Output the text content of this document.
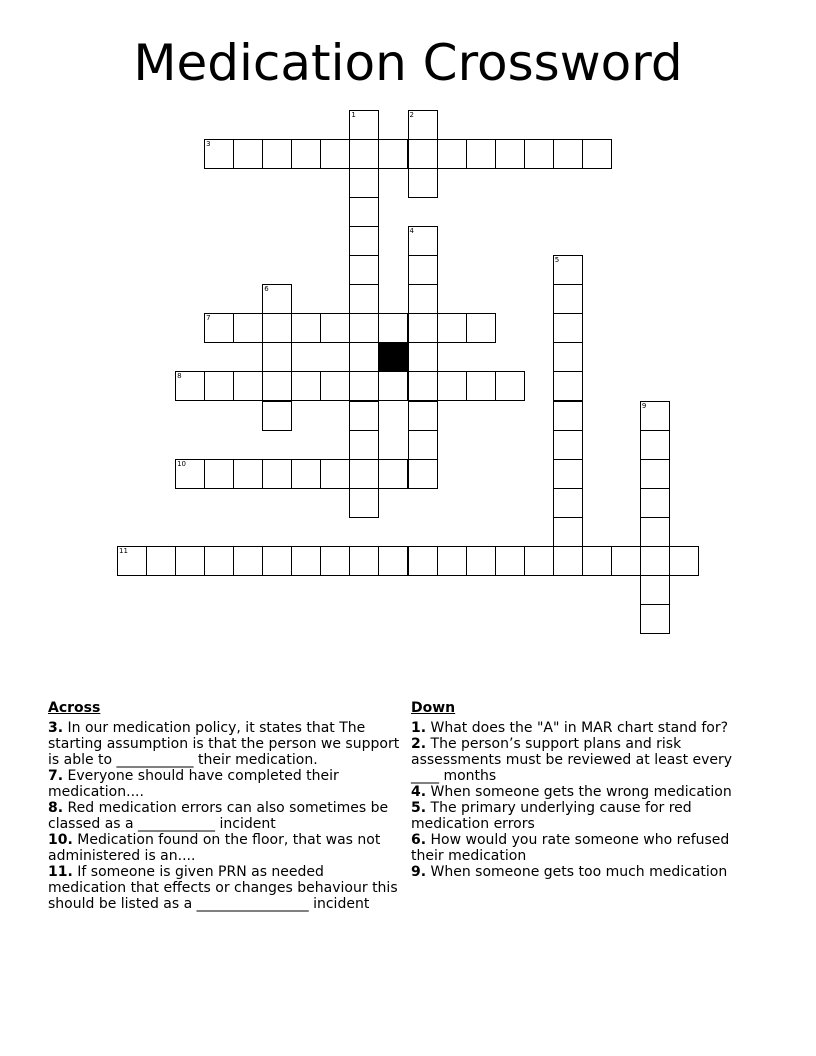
Medication Crossword
1	2
3
4
5
6
7
8
9
10
11
Across

3. In our medication policy, it states that The starting assumption is that the person we support is able to ___________ their medication.

7. Everyone should have completed their medication....

8. Red medication errors can also sometimes be classed as a ___________ incident

10. Medication found on the floor, that was not administered is an....

11. If someone is given PRN as needed medication that effects or changes behaviour this should be listed as a ________________ incident

Down

1. What does the "A" in MAR chart stand for?

2. The person’s support plans and risk assessments must be reviewed at least every ____ months

4. When someone gets the wrong medication

5. The primary underlying cause for red medication errors

6. How would you rate someone who refused their medication

9. When someone gets too much medication
